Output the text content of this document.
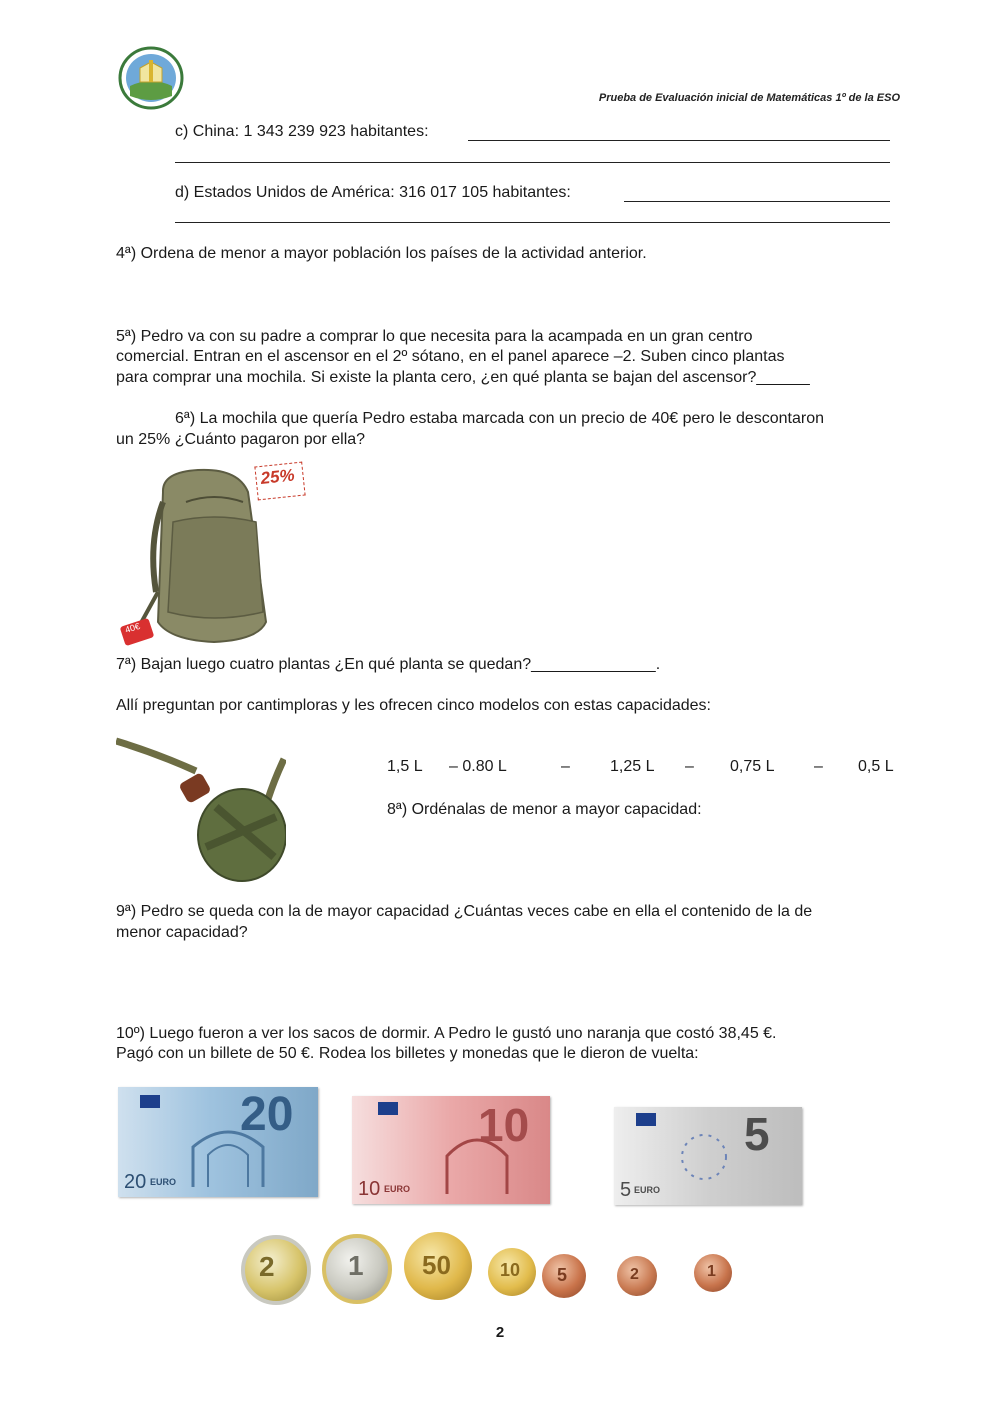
Prueba de Evaluación inicial de Matemáticas 1º de la ESO
c) China: 1 343 239 923 habitantes:
d) Estados Unidos de América: 316 017 105 habitantes:
4ª) Ordena de menor a mayor población los países de la actividad anterior.
5ª) Pedro va con su padre a comprar lo que necesita para la acampada en un gran centro
comercial. Entran en el ascensor en el 2º sótano, en el panel aparece –2. Suben cinco plantas
para comprar una mochila. Si existe la planta cero, ¿en qué planta se bajan del ascensor?______
6ª) La mochila que quería Pedro estaba marcada con un precio de 40€ pero le descontaron
un 25% ¿Cuánto pagaron por ella?
40€
25%
7ª) Bajan luego cuatro plantas ¿En qué planta se quedan?______________.
Allí preguntan por cantimploras y les ofrecen cinco modelos con estas capacidades:
1,5 L – 0.80 L	–	1,25 L – 0,75 L – 0,5 L
8ª) Ordénalas de menor a mayor capacidad:
9ª) Pedro se queda con la de mayor capacidad ¿Cuántas veces cabe en ella el contenido de la de
menor capacidad?
10º) Luego fueron a ver los sacos de dormir. A Pedro le gustó uno naranja que costó 38,45 €.
Pagó con un billete de 50 €. Rodea los billetes y monedas que le dieron de vuelta:
20
20 EURO
10
10 EURO
5
5 EURO
2	1 50	10 5	2	1
2
